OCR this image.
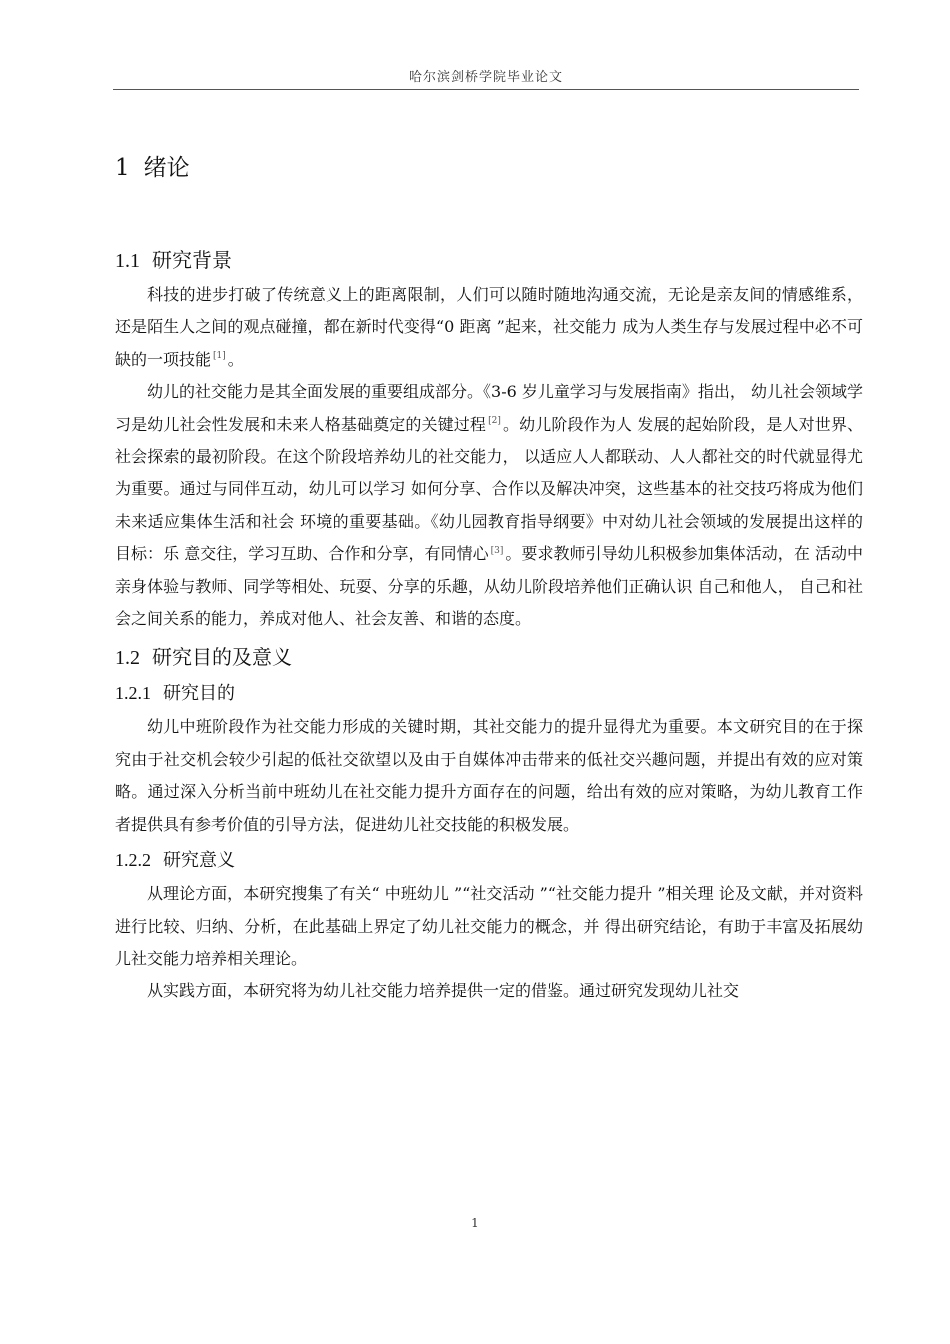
哈尔滨剑桥学院毕业论文
1 绪论
1.1 研究背景

科技的进步打破了传统意义上的距离限制，人们可以随时随地沟通交流，无论是亲友间的情感维系，还是陌生人之间的观点碰撞，都在新时代变得“0 距离 ”起来，社交能力 成为人类生存与发展过程中必不可缺的一项技能 [1] 。

幼儿的社交能力是其全面发展的重要组成部分。《3-6 岁儿童学习与发展指南》指出， 幼儿社会领域学习是幼儿社会性发展和未来人格基础奠定的关键过程 [2] 。幼儿阶段作为人 发展的起始阶段，是人对世界、社会探索的最初阶段。在这个阶段培养幼儿的社交能力， 以适应人人都联动、人人都社交的时代就显得尤为重要。通过与同伴互动，幼儿可以学习 如何分享、合作以及解决冲突，这些基本的社交技巧将成为他们未来适应集体生活和社会 环境的重要基础。《幼儿园教育指导纲要》中对幼儿社会领域的发展提出这样的目标：乐 意交往，学习互助、合作和分享，有同情心 [3] 。要求教师引导幼儿积极参加集体活动，在 活动中亲身体验与教师、同学等相处、玩耍、分享的乐趣，从幼儿阶段培养他们正确认识 自己和他人， 自己和社会之间关系的能力，养成对他人、社会友善、和谐的态度。

1.2 研究目的及意义
1.2.1 研究目的

幼儿中班阶段作为社交能力形成的关键时期，其社交能力的提升显得尤为重要。本文研究目的在于探究由于社交机会较少引起的低社交欲望以及由于自媒体冲击带来的低社交兴趣问题，并提出有效的应对策略。通过深入分析当前中班幼儿在社交能力提升方面存在的问题，给出有效的应对策略，为幼儿教育工作者提供具有参考价值的引导方法，促进幼儿社交技能的积极发展。

1.2.2 研究意义

从理论方面，本研究搜集了有关“ 中班幼儿 ”“社交活动 ”“社交能力提升 ”相关理 论及文献，并对资料进行比较、归纳、分析，在此基础上界定了幼儿社交能力的概念，并 得出研究结论，有助于丰富及拓展幼儿社交能力培养相关理论。

从实践方面，本研究将为幼儿社交能力培养提供一定的借鉴。通过研究发现幼儿社交

1
